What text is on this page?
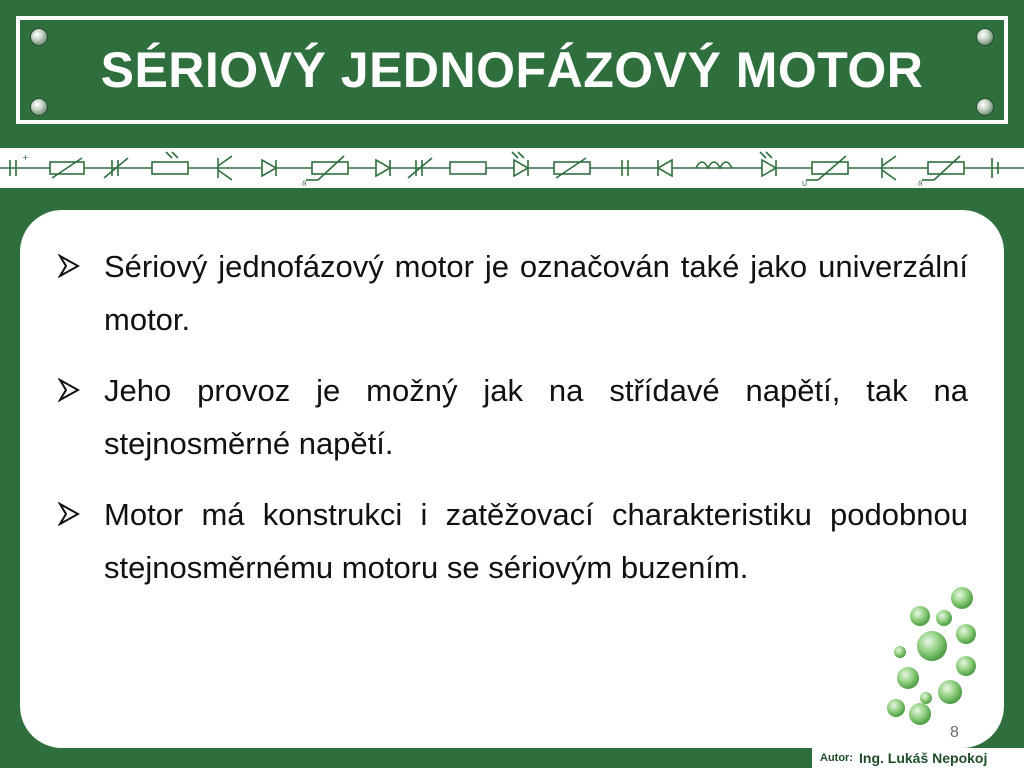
SÉRIOVÝ JEDNOFÁZOVÝ MOTOR
+
ϑ	U	ϑ
Sériový jednofázový motor je označován také jako univerzální motor.
Jeho provoz je možný jak na střídavé napětí, tak na stejnosměrné napětí.
Motor má konstrukci i zatěžovací charakteristiku podobnou stejnosměrnému motoru se sériovým buzením.
8
Autor: Ing. Lukáš Nepokoj
